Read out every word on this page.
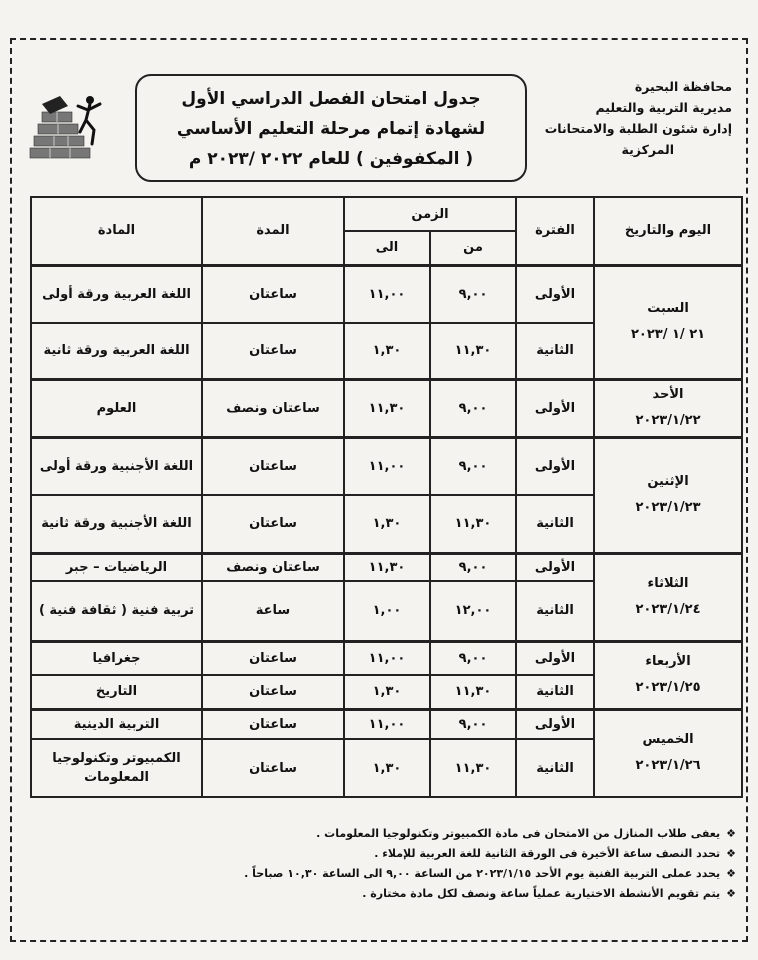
محافظة البحيرة
مديرية التربية والتعليم
إدارة شئون الطلبة والامتحانات
المركزية
جدول امتحان الفصل الدراسي الأول
لشهادة إتمام مرحلة التعليم الأساسي
( المكفوفين ) للعام ٢٠٢٢ /٢٠٢٣ م
اليوم والتاريخ	الفترة	الزمن		المدة	المادة
		من	الى		

السبت
٢١ /١ /٢٠٢٣	الأولى	٩,٠٠	١١,٠٠	ساعتان	اللغة العربية ورقة أولى
	الثانية	١١,٣٠	١,٣٠	ساعتان	اللغة العربية ورقة ثانية

الأحد
٢٠٢٣/١/٢٢	الأولى	٩,٠٠	١١,٣٠	ساعتان ونصف	العلوم

الإثنين
٢٠٢٣/١/٢٣	الأولى	٩,٠٠	١١,٠٠	ساعتان	اللغة الأجنبية ورقة أولى
	الثانية	١١,٣٠	١,٣٠	ساعتان	اللغة الأجنبية ورقة ثانية

الثلاثاء
٢٠٢٣/١/٢٤	الأولى	٩,٠٠	١١,٣٠	ساعتان ونصف	الرياضيات – جبر
	الثانية	١٢,٠٠	١,٠٠	ساعة	تربية فنية ( ثقافة فنية )

الأربعاء
٢٠٢٣/١/٢٥	الأولى	٩,٠٠	١١,٠٠	ساعتان	جغرافيا
	الثانية	١١,٣٠	١,٣٠	ساعتان	التاريخ

الخميس
٢٠٢٣/١/٢٦	الأولى	٩,٠٠	١١,٠٠	ساعتان	التربية الدينية
	الثانية	١١,٣٠	١,٣٠	ساعتان	الكمبيوتر وتكنولوجيا المعلومات
❖يعفى طلاب المنازل من الامتحان فى مادة الكمبيوتر وتكنولوجيا المعلومات .
❖تحدد النصف ساعة الأخيرة فى الورقة الثانية للغة العربية للإملاء .
❖يحدد عملى التربية الفنية يوم الأحد ٢٠٢٣/١/١٥ من الساعة ٩,٠٠ الى الساعة ١٠,٣٠ صباحاً .
❖يتم تقويم الأنشطة الاختيارية عملياً ساعة ونصف لكل مادة مختارة .
